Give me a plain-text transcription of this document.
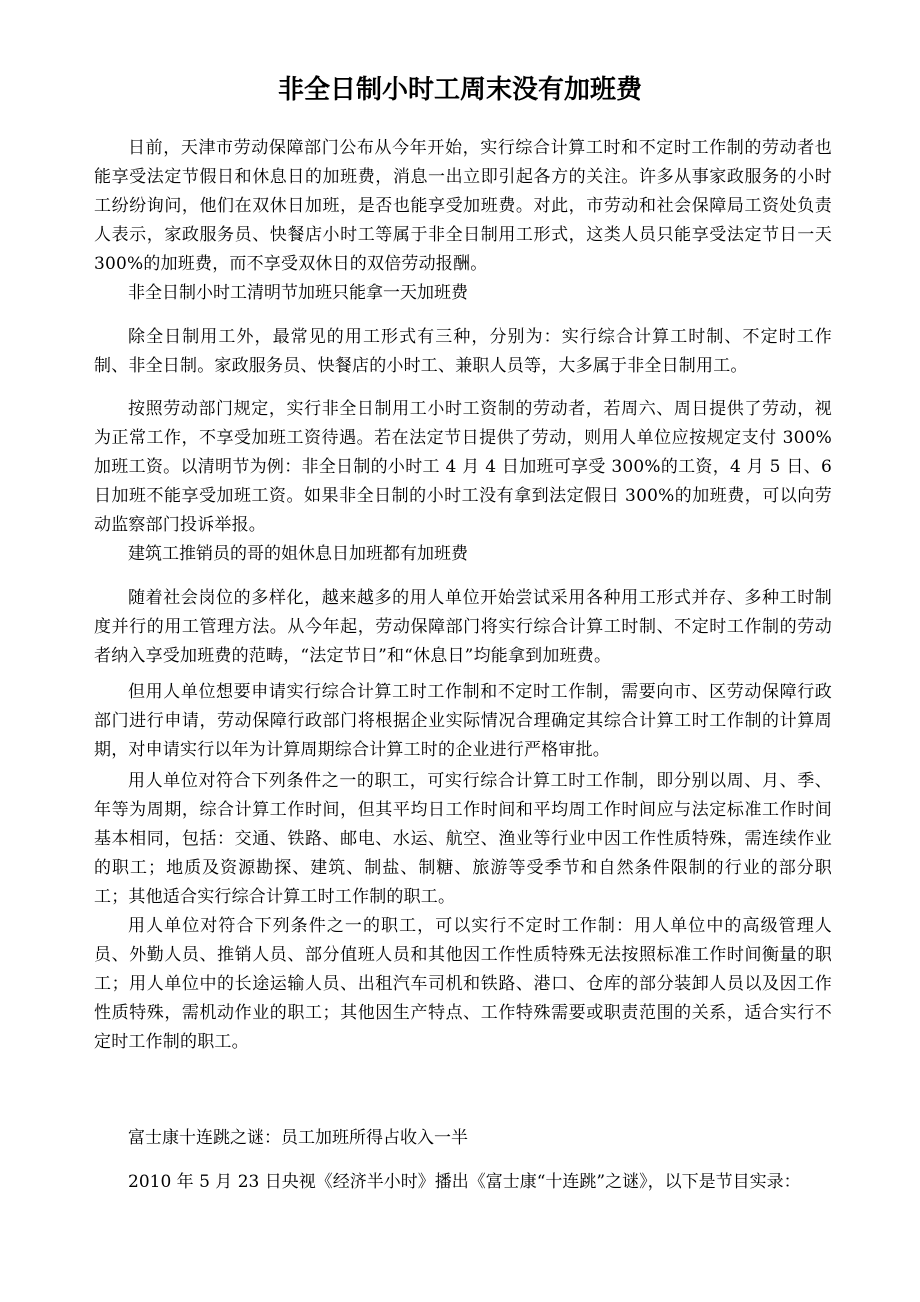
非全日制小时工周末没有加班费

日前，天津市劳动保障部门公布从今年开始，实行综合计算工时和不定时工作制的劳动者也能享受法定节假日和休息日的加班费，消息一出立即引起各方的关注。许多从事家政服务的小时工纷纷询问，他们在双休日加班，是否也能享受加班费。对此，市劳动和社会保障局工资处负责人表示，家政服务员、快餐店小时工等属于非全日制用工形式，这类人员只能享受法定节日一天 300%的加班费，而不享受双休日的双倍劳动报酬。

非全日制小时工清明节加班只能拿一天加班费

除全日制用工外，最常见的用工形式有三种，分别为：实行综合计算工时制、不定时工作制、非全日制。家政服务员、快餐店的小时工、兼职人员等，大多属于非全日制用工。

按照劳动部门规定，实行非全日制用工小时工资制的劳动者，若周六、周日提供了劳动，视为正常工作，不享受加班工资待遇。若在法定节日提供了劳动，则用人单位应按规定支付 300%加班工资。以清明节为例：非全日制的小时工 4 月 4 日加班可享受 300%的工资，4 月 5 日、6 日加班不能享受加班工资。如果非全日制的小时工没有拿到法定假日 300%的加班费，可以向劳动监察部门投诉举报。

建筑工推销员的哥的姐休息日加班都有加班费

随着社会岗位的多样化，越来越多的用人单位开始尝试采用各种用工形式并存、多种工时制度并行的用工管理方法。从今年起，劳动保障部门将实行综合计算工时制、不定时工作制的劳动者纳入享受加班费的范畴，“法定节日”和“休息日”均能拿到加班费。

但用人单位想要申请实行综合计算工时工作制和不定时工作制，需要向市、区劳动保障行政部门进行申请，劳动保障行政部门将根据企业实际情况合理确定其综合计算工时工作制的计算周期，对申请实行以年为计算周期综合计算工时的企业进行严格审批。

用人单位对符合下列条件之一的职工，可实行综合计算工时工作制，即分别以周、月、季、年等为周期，综合计算工作时间，但其平均日工作时间和平均周工作时间应与法定标准工作时间基本相同，包括：交通、铁路、邮电、水运、航空、渔业等行业中因工作性质特殊，需连续作业的职工；地质及资源勘探、建筑、制盐、制糖、旅游等受季节和自然条件限制的行业的部分职工；其他适合实行综合计算工时工作制的职工。

用人单位对符合下列条件之一的职工，可以实行不定时工作制：用人单位中的高级管理人员、外勤人员、推销人员、部分值班人员和其他因工作性质特殊无法按照标准工作时间衡量的职工；用人单位中的长途运输人员、出租汽车司机和铁路、港口、仓库的部分装卸人员以及因工作性质特殊，需机动作业的职工；其他因生产特点、工作特殊需要或职责范围的关系，适合实行不定时工作制的职工。

富士康十连跳之谜：员工加班所得占收入一半

2010 年 5 月 23 日央视《经济半小时》播出《富士康“十连跳”之谜》，以下是节目实录：
